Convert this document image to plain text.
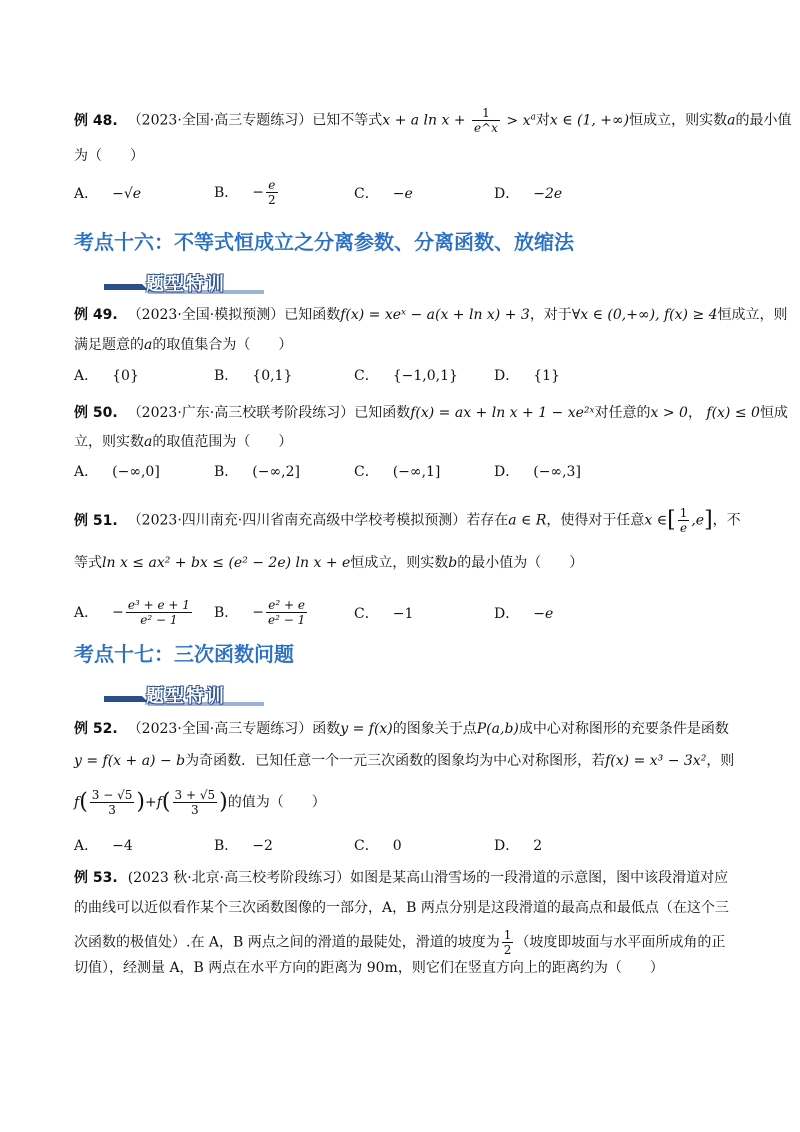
例 48. （2023·全国·高三专题练习）已知不等式x + a $\ln x + \frac{1}{e\^{}x} > x^a$对x ∈ (1, +∞)恒成立，则实数a的最小值
为（　　）
A． −√e	B． − $\frac{e}{2}$	C． −e	D． −2e
考点十六：不等式恒成立之分离参数、分离函数、放缩法
题型特训
例 49. （2023·全国·模拟预测）已知函数f(x) = xeˣ − a(x + ln x) + 3，对于∀x ∈ (0,+∞), f(x) ≥ 4恒成立，则
满足题意的a的取值集合为（　　）
A． {0}	B． {0,1}	C． {−1,0,1}	D． {1}
例 50. （2023·广东·高三校联考阶段练习）已知函数f(x) = ax + ln x + 1 − xe²ˣ对任意的x > 0， f(x) ≤ 0恒成
立，则实数a的取值范围为（　　）
A． (−∞,0]	B． (−∞,2]	C． (−∞,1]	D． (−∞,3]
例 51. （2023·四川南充·四川省南充高级中学校考模拟预测）若存在a ∈ R，使得对于任意x ∈[ $\frac{1}{e} ,e$]，不
等式ln x ≤ ax² + bx ≤ (e² − 2e) ln x + e恒成立，则实数b的最小值为（　　）
A． − $\frac{\text{e³ + e + 1}}{\text{e² − 1}}$ B． − $\frac{\text{e² + e}}{\text{e² − 1}}$	C． −1	D． −e
考点十七：三次函数问题
题型特训
例 52. （2023·全国·高三专题练习）函数y = f(x)的图象关于点P(a,b)成中心对称图形的充要条件是函数
y = f(x + a) − b为奇函数．已知任意一个一元三次函数的图象均为中心对称图形，若f(x) = x³ − 3x²，则
$f( \frac{3 - √5}{3} )+f( \frac{3 + √5}{3}$ )的值为（　　）
A． −4	B． −2	C． 0	D． 2
例 53. (2023 秋·北京·高三校考阶段练习）如图是某高山滑雪场的一段滑道的示意图，图中该段滑道对应
的曲线可以近似看作某个三次函数图像的一部分，A，B 两点分别是这段滑道的最高点和最低点（在这个三
次函数的极值处）.在 A，B 两点之间的滑道的最陡处，滑道的坡度为 $\frac{1}{2}$ （坡度即坡面与水平面所成角的正
切值），经测量 A，B 两点在水平方向的距离为 90m，则它们在竖直方向上的距离约为（　　）
